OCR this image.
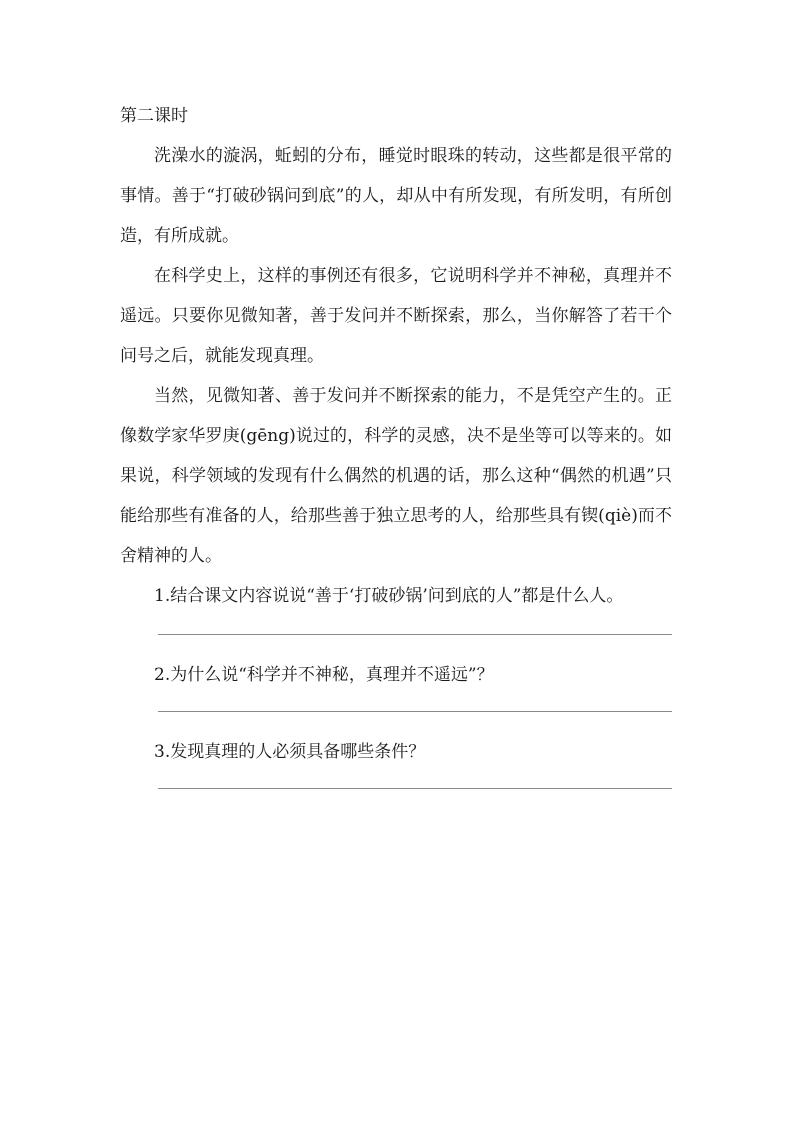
第二课时

洗澡水的漩涡，蚯蚓的分布，睡觉时眼珠的转动，这些都是很平常的事情。善于“打破砂锅问到底”的人，却从中有所发现，有所发明，有所创造，有所成就。

在科学史上，这样的事例还有很多，它说明科学并不神秘，真理并不遥远。只要你见微知著，善于发问并不断探索，那么，当你解答了若干个问号之后，就能发现真理。

当然，见微知著、善于发问并不断探索的能力，不是凭空产生的。正像数学家华罗庚(gēng)说过的，科学的灵感，决不是坐等可以等来的。如果说，科学领域的发现有什么偶然的机遇的话，那么这种“偶然的机遇”只能给那些有准备的人，给那些善于独立思考的人，给那些具有锲(qiè)而不舍精神的人。

1.结合课文内容说说“善于‘打破砂锅’问到底的人”都是什么人。

2.为什么说“科学并不神秘，真理并不遥远”？

3.发现真理的人必须具备哪些条件？
